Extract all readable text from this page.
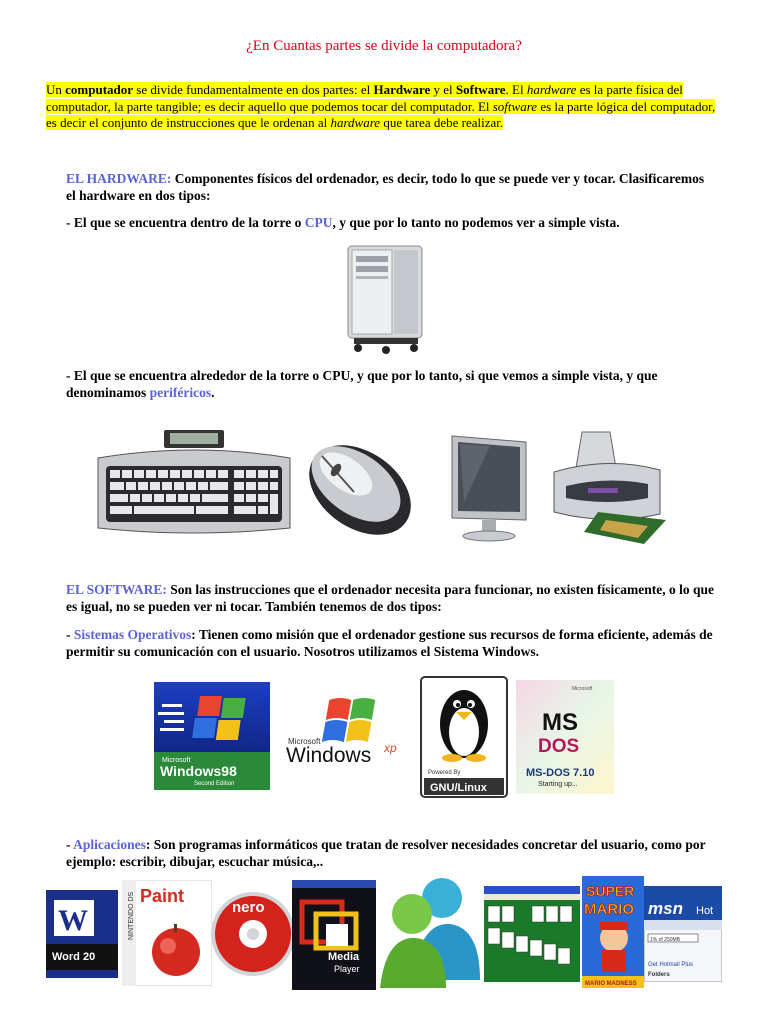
¿En Cuantas partes se divide la computadora?
Un computador se divide fundamentalmente en dos partes: el Hardware y el Software. El hardware es la parte física del computador, la parte tangible; es decir aquello que podemos tocar del computador. El software es la parte lógica del computador, es decir el conjunto de instrucciones que le ordenan al hardware que tarea debe realizar.
EL HARDWARE: Componentes físicos del ordenador, es decir, todo lo que se puede ver y tocar. Clasificaremos el hardware en dos tipos:
- El que se encuentra dentro de la torre o CPU, y que por lo tanto no podemos ver a simple vista.
- El que se encuentra alrededor de la torre o CPU, y que por lo tanto, si que vemos a simple vista, y que denominamos periféricos.
EL SOFTWARE: Son las instrucciones que el ordenador necesita para funcionar, no existen físicamente, o lo que es igual, no se pueden ver ni tocar. También tenemos de dos tipos:
- Sistemas Operativos: Tienen como misión que el ordenador gestione sus recursos de forma eficiente, además de permitir su comunicación con el usuario. Nosotros utilizamos el Sistema Windows.
Microsoft
Windows98
Second Edition
Microsoft
Windows xp
Powered By
GNU/Linux
Microsoft
MS
DOS
MS-DOS 7.10
Starting up...
- Aplicaciones: Son programas informáticos que tratan de resolver necesidades concretar del usuario, como por ejemplo: escribir, dibujar, escuchar música,..
W
Word 20
NINTENDO DS Paint
nero
Media
Player
SUPER
MARIO
MARIO MADNESS
msn Hot
1% of 250MB
Get Hotmail Plus
Folders
